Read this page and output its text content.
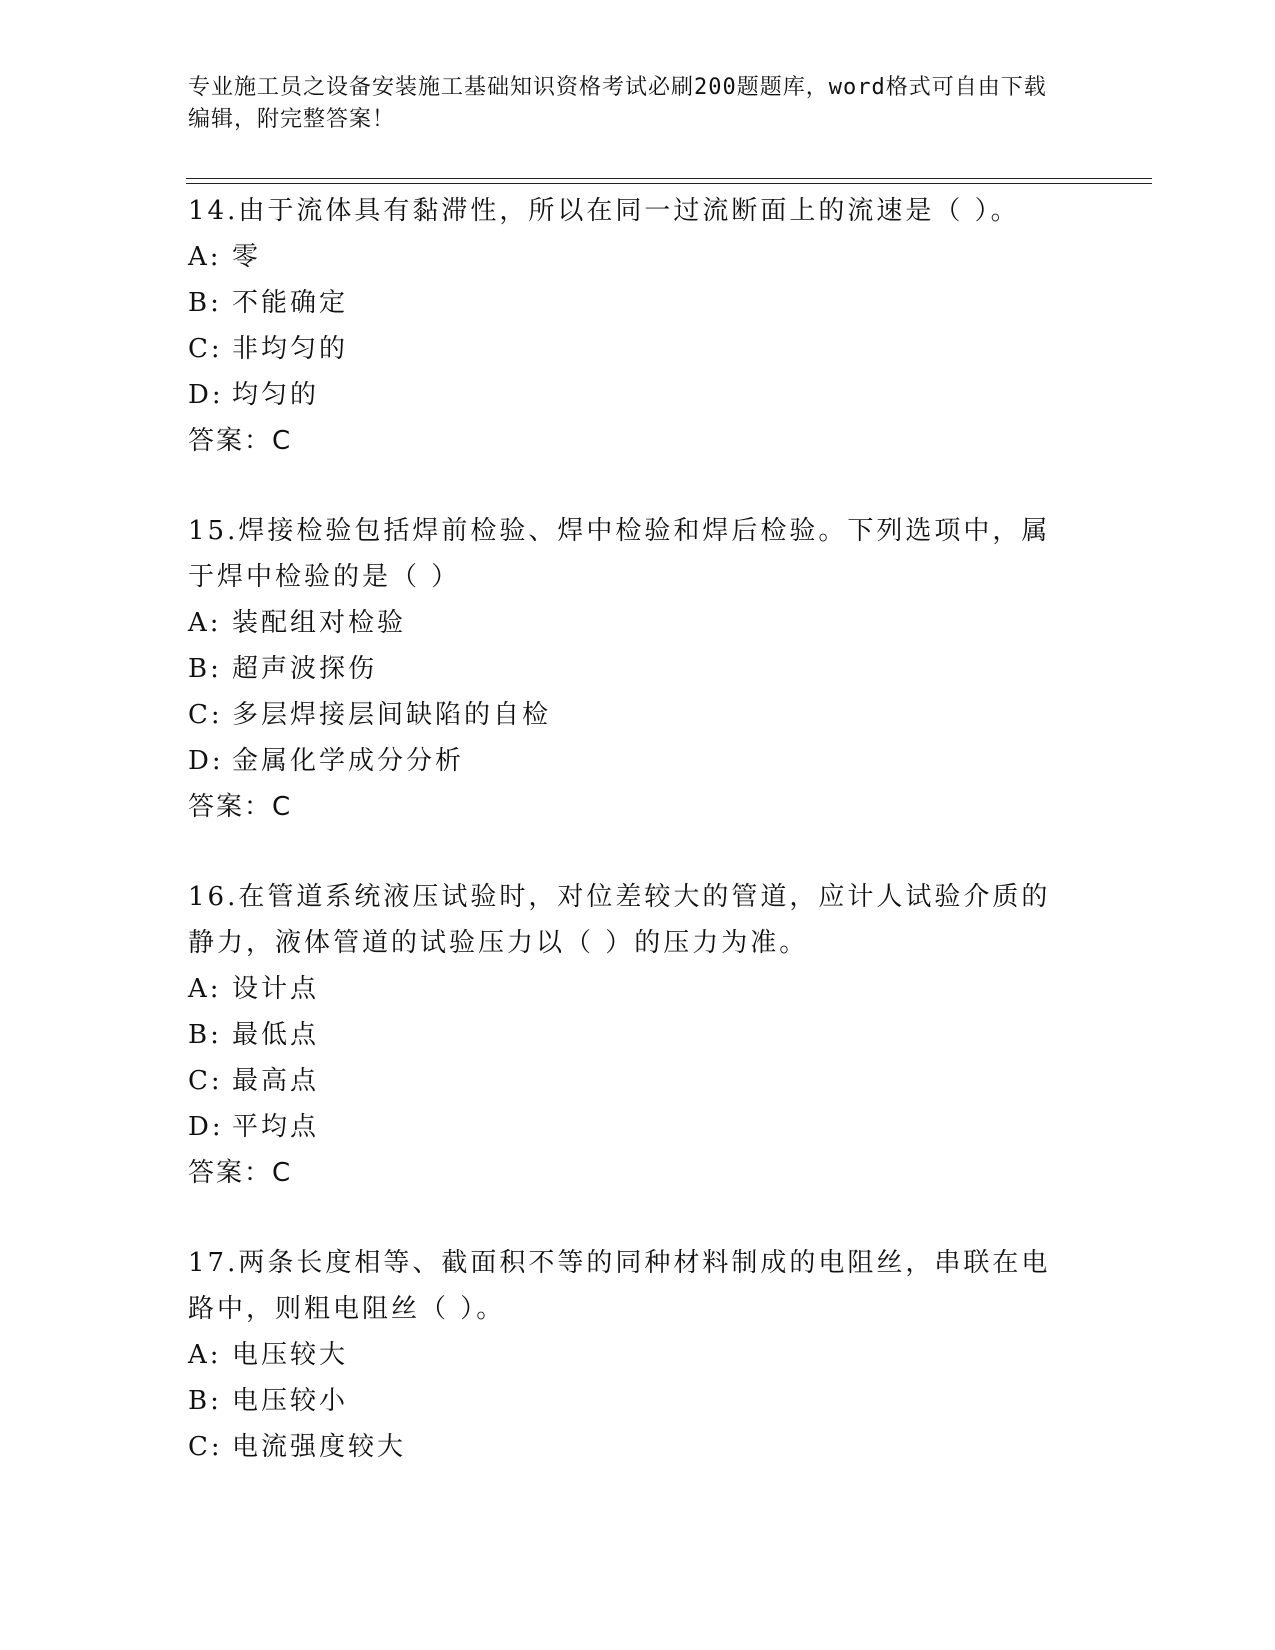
专业施工员之设备安装施工基础知识资格考试必刷200题题库，word格式可自由下载编辑，附完整答案！

14.由于流体具有黏滞性，所以在同一过流断面上的流速是（ ）。

A: 零

B: 不能确定

C: 非均匀的

D: 均匀的

答案：C

15.焊接检验包括焊前检验、焊中检验和焊后检验。下列选项中，属于焊中检验的是（ ）

A: 装配组对检验

B: 超声波探伤

C: 多层焊接层间缺陷的自检

D: 金属化学成分分析

答案：C

16.在管道系统液压试验时，对位差较大的管道，应计人试验介质的静力，液体管道的试验压力以（ ）的压力为准。

A: 设计点

B: 最低点

C: 最高点

D: 平均点

答案：C

17.两条长度相等、截面积不等的同种材料制成的电阻丝，串联在电路中，则粗电阻丝（ ）。

A: 电压较大

B: 电压较小

C: 电流强度较大
